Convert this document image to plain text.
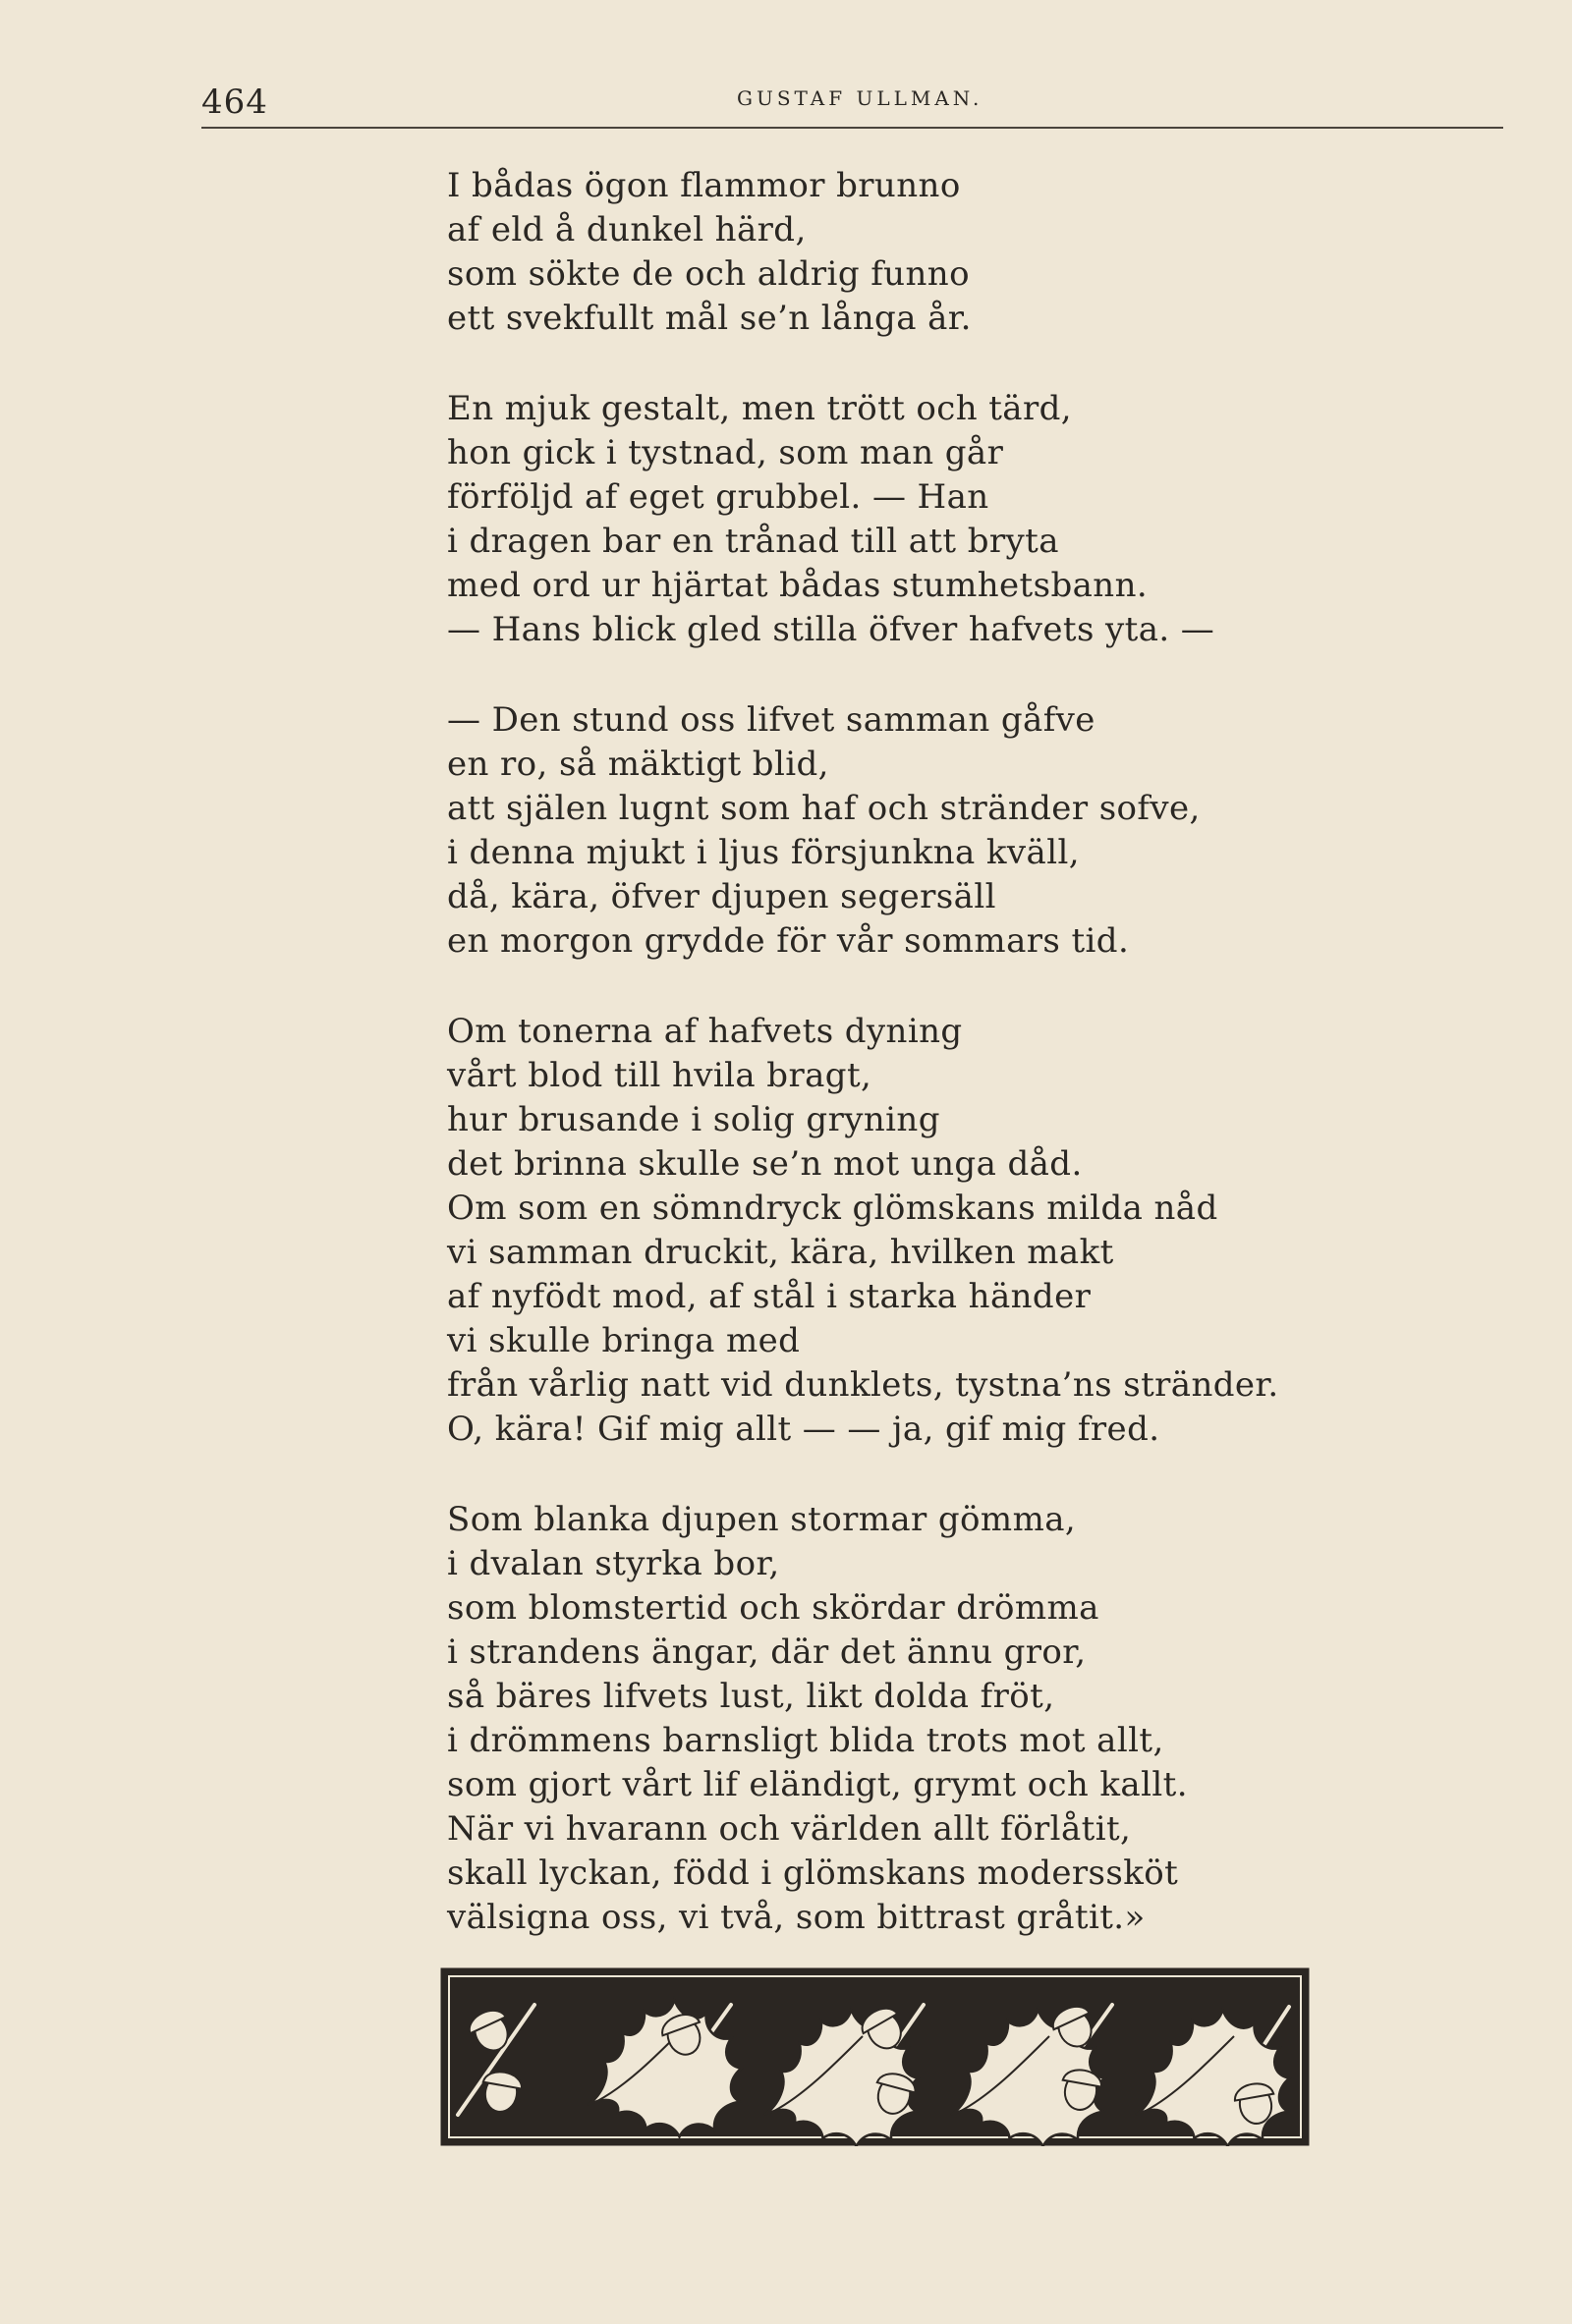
464	GUSTAF ULLMAN.
I bådas ögon flammor brunno
af eld å dunkel härd,
som sökte de och aldrig funno
ett svekfullt mål se’n långa år.
En mjuk gestalt, men trött och tärd,
hon gick i tystnad, som man går
förföljd af eget grubbel. — Han
i dragen bar en trånad till att bryta
med ord ur hjärtat bådas stumhetsbann.
— Hans blick gled stilla öfver hafvets yta. —
— Den stund oss lifvet samman gåfve
en ro, så mäktigt blid,
att själen lugnt som haf och stränder sofve,
i denna mjukt i ljus försjunkna kväll,
då, kära, öfver djupen segersäll
en morgon grydde för vår sommars tid.
Om tonerna af hafvets dyning
vårt blod till hvila bragt,
hur brusande i solig gryning
det brinna skulle se’n mot unga dåd.
Om som en sömndryck glömskans milda nåd
vi samman druckit, kära, hvilken makt
af nyfödt mod, af stål i starka händer
vi skulle bringa med
från vårlig natt vid dunklets, tystna’ns stränder.
O, kära! Gif mig allt — — ja, gif mig fred.
Som blanka djupen stormar gömma,
i dvalan styrka bor,
som blomstertid och skördar drömma
i strandens ängar, där det ännu gror,
så bäres lifvets lust, likt dolda fröt,
i drömmens barnsligt blida trots mot allt,
som gjort vårt lif eländigt, grymt och kallt.
När vi hvarann och världen allt förlåtit,
skall lyckan, född i glömskans moderssköt
välsigna oss, vi två, som bittrast gråtit.»
